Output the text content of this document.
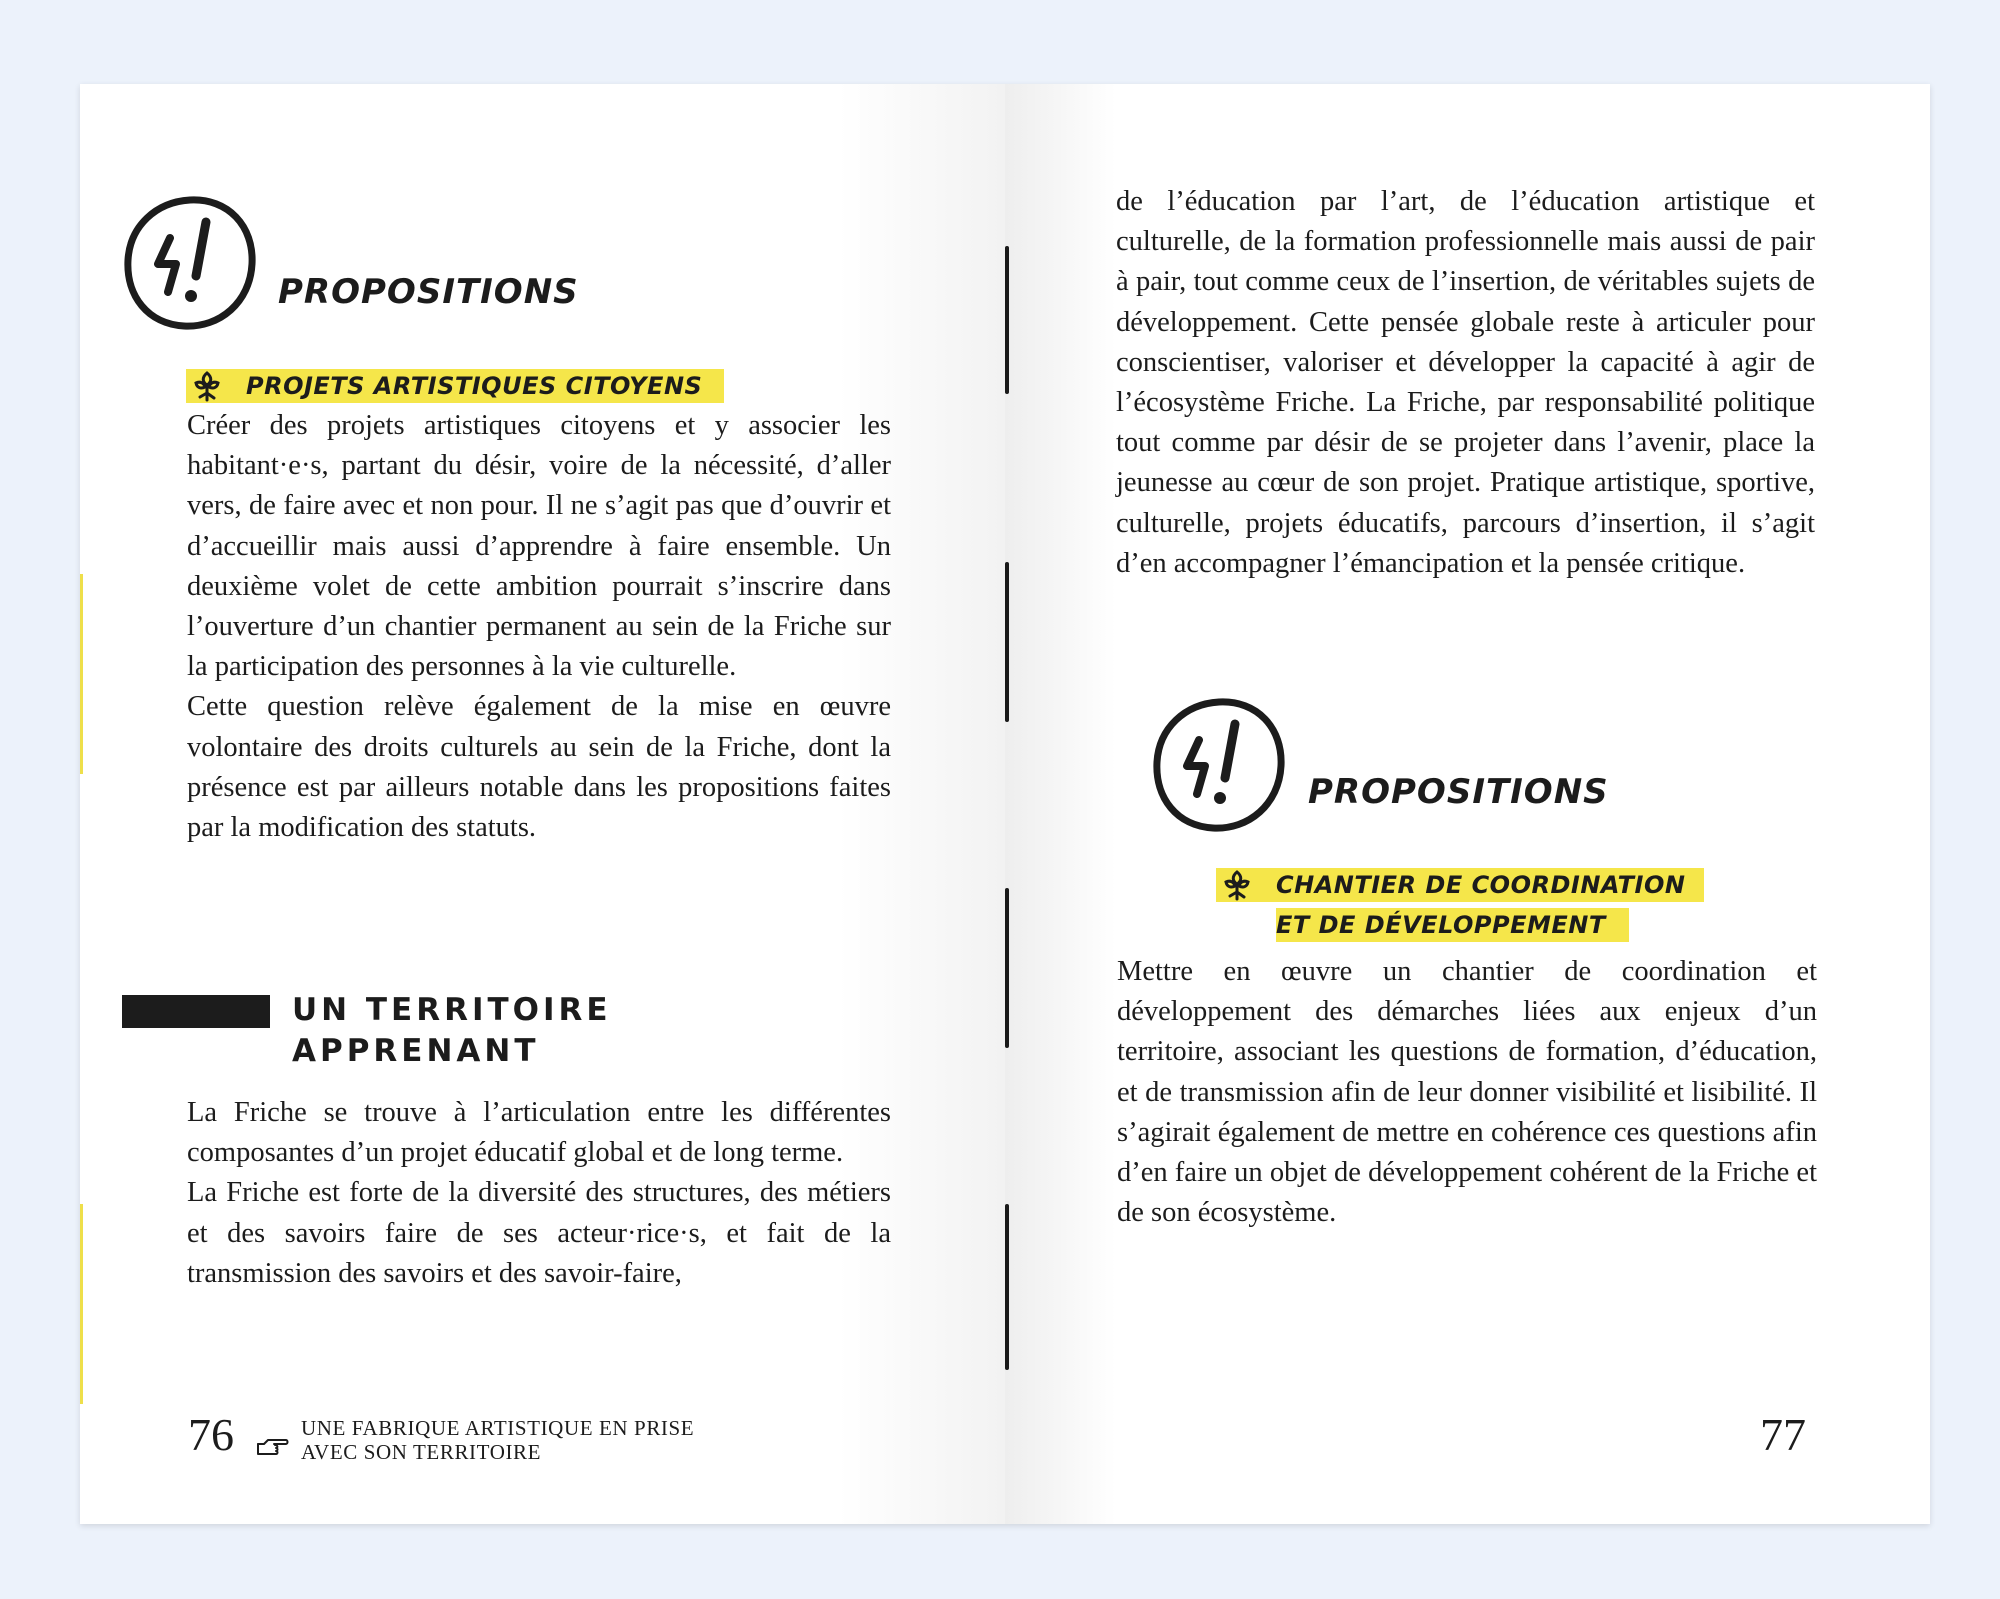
PROPOSITIONS
PROJETS ARTISTIQUES CITOYENS

Créer des projets artistiques citoyens et y associer les habitant·e·s, partant du désir, voire de la nécessité, d’aller vers, de faire avec et non pour. Il ne s’agit pas que d’ouvrir et d’accueillir mais aussi d’apprendre à faire ensemble. Un deuxième volet de cette ambition pourrait s’inscrire dans l’ouverture d’un chantier permanent au sein de la Friche sur la participation des personnes à la vie culturelle.

Cette question relève également de la mise en œuvre volontaire des droits culturels au sein de la Friche, dont la présence est par ailleurs notable dans les propositions faites par la modification des statuts.

UN TERRITOIRE
APPRENANT

La Friche se trouve à l’articulation entre les différentes composantes d’un projet éducatif global et de long terme.

La Friche est forte de la diversité des structures, des métiers et des savoirs faire de ses acteur·rice·s, et fait de la transmission des savoirs et des savoir-faire,

76	UNE FABRIQUE ARTISTIQUE EN PRISE
AVEC SON TERRITOIRE

de l’éducation par l’art, de l’éducation artistique et culturelle, de la formation professionnelle mais aussi de pair à pair, tout comme ceux de l’insertion, de véritables sujets de développement. Cette pensée globale reste à articuler pour conscientiser, valoriser et développer la capacité à agir de l’écosystème Friche. La Friche, par responsabilité politique tout comme par désir de se projeter dans l’avenir, place la jeunesse au cœur de son projet. Pratique artistique, sportive, culturelle, projets éducatifs, parcours d’insertion, il s’agit d’en accompagner l’émancipation et la pensée critique.

PROPOSITIONS
CHANTIER DE COORDINATION
ET DE DÉVELOPPEMENT

Mettre en œuvre un chantier de coordination et développement des démarches liées aux enjeux d’un territoire, associant les questions de formation, d’éducation, et de transmission afin de leur donner visibilité et lisibilité. Il s’agirait également de mettre en cohérence ces questions afin d’en faire un objet de développement cohérent de la Friche et de son écosystème.

77
